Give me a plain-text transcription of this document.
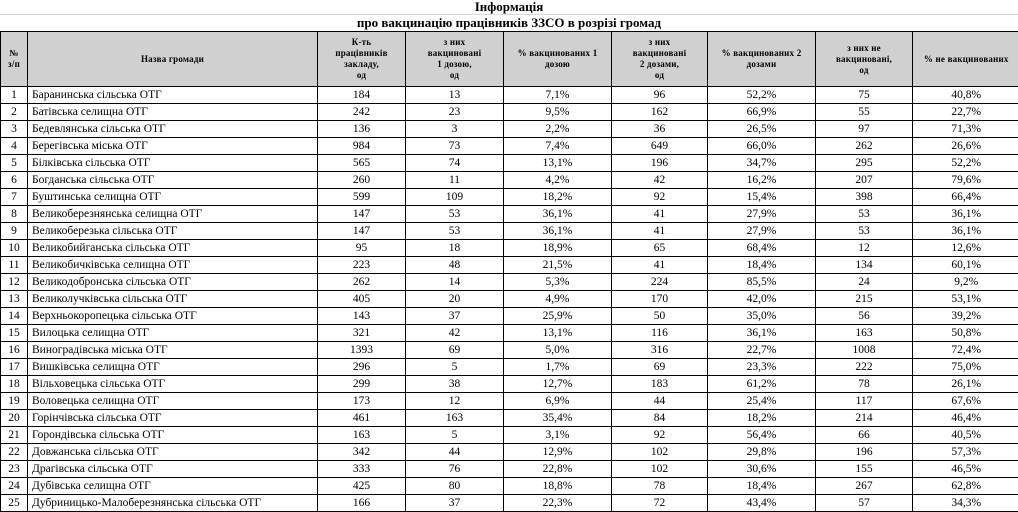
Інформація
про вакцинацію працівників ЗЗСО в розрізі громад
№
з/п	Назва громади	К-ть
працівників
закладу,
од	з них
вакциновані
1 дозою,
од	% вакцинованих 1
дозою	з них
вакциновані
2 дозами,
од	% вакцинованих 2
дозами	з них не
вакциновані,
од	% не вакцинованих
1	Баранинська сільська ОТГ	184	13	7,1%	96	52,2%	75	40,8%
2	Батівська селищна ОТГ	242	23	9,5%	162	66,9%	55	22,7%
3	Бедевлянська сільська ОТГ	136	3	2,2%	36	26,5%	97	71,3%
4	Берегівська міська ОТГ	984	73	7,4%	649	66,0%	262	26,6%
5	Білківська сільська ОТГ	565	74	13,1%	196	34,7%	295	52,2%
6	Богданська сільська ОТГ	260	11	4,2%	42	16,2%	207	79,6%
7	Буштинська селищна ОТГ	599	109	18,2%	92	15,4%	398	66,4%
8	Великоберезнянська селищна ОТГ	147	53	36,1%	41	27,9%	53	36,1%
9	Великоберезька сільська ОТГ	147	53	36,1%	41	27,9%	53	36,1%
10	Великобийганська сільська ОТГ	95	18	18,9%	65	68,4%	12	12,6%
11	Великобичківська селищна ОТГ	223	48	21,5%	41	18,4%	134	60,1%
12	Великодобронська сільська ОТГ	262	14	5,3%	224	85,5%	24	9,2%
13	Великолучківська сільська ОТГ	405	20	4,9%	170	42,0%	215	53,1%
14	Верхньокоропецька сільська ОТГ	143	37	25,9%	50	35,0%	56	39,2%
15	Вилоцька селищна ОТГ	321	42	13,1%	116	36,1%	163	50,8%
16	Виноградівська міська ОТГ	1393	69	5,0%	316	22,7%	1008	72,4%
17	Вишківська селищна ОТГ	296	5	1,7%	69	23,3%	222	75,0%
18	Вільховецька сільська ОТГ	299	38	12,7%	183	61,2%	78	26,1%
19	Воловецька селищна ОТГ	173	12	6,9%	44	25,4%	117	67,6%
20	Горінчівська сільська ОТГ	461	163	35,4%	84	18,2%	214	46,4%
21	Горондівська сільська ОТГ	163	5	3,1%	92	56,4%	66	40,5%
22	Довжанська сільська ОТГ	342	44	12,9%	102	29,8%	196	57,3%
23	Драгівська сільська ОТГ	333	76	22,8%	102	30,6%	155	46,5%
24	Дубівська селищна ОТГ	425	80	18,8%	78	18,4%	267	62,8%
25	Дубриницько-Малоберезнянська сільська ОТГ	166	37	22,3%	72	43,4%	57	34,3%
